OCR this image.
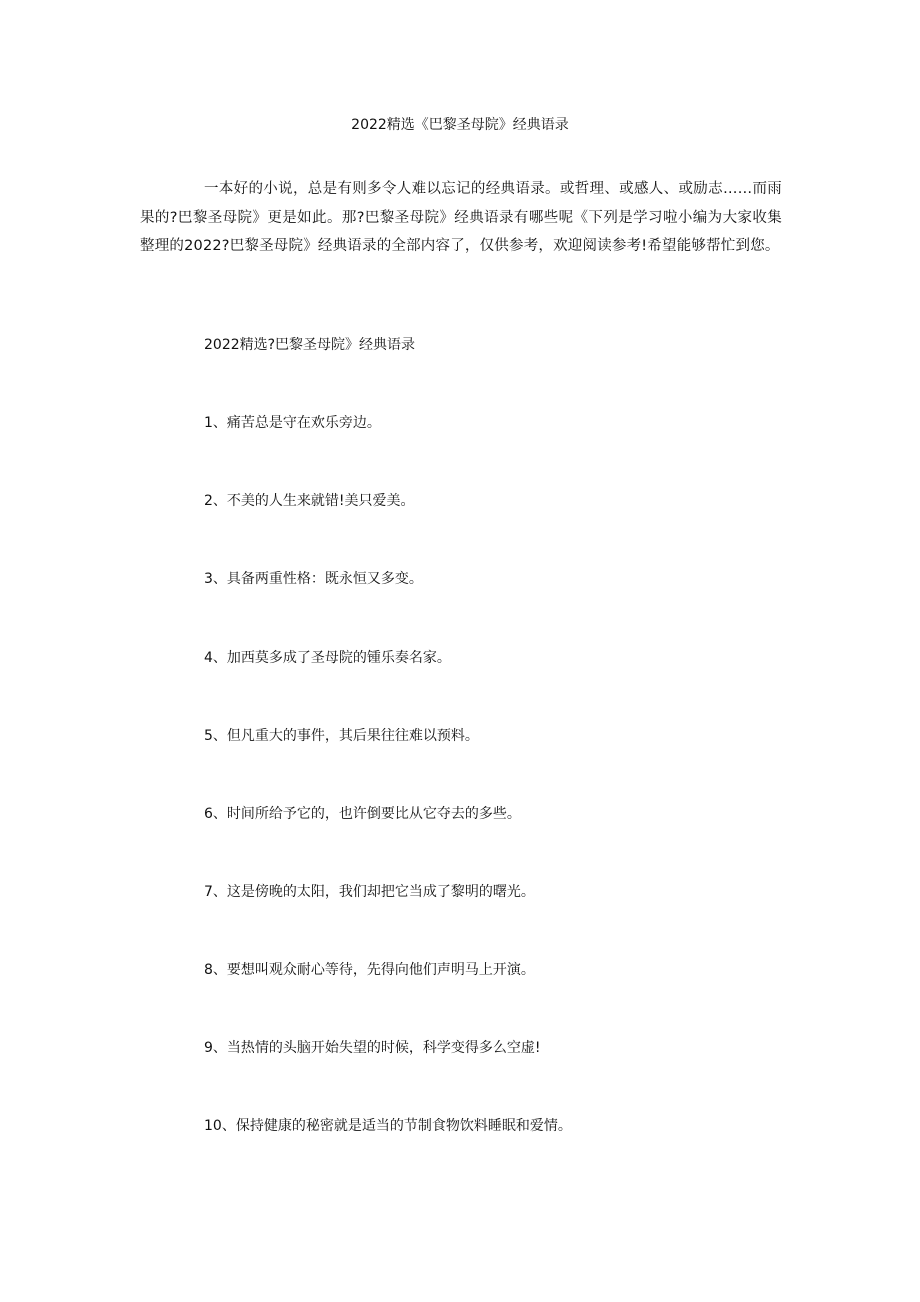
2022精选《巴黎圣母院》经典语录

一本好的小说，总是有则多令人难以忘记的经典语录。或哲理、或感人、或励志……而雨果的?巴黎圣母院》更是如此。那?巴黎圣母院》经典语录有哪些呢《下列是学习啦小编为大家收集整理的2022?巴黎圣母院》经典语录的全部内容了，仅供参考，欢迎阅读参考!希望能够帮忙到您。

2022精选?巴黎圣母院》经典语录

1、痛苦总是守在欢乐旁边。

2、不美的人生来就错!美只爱美。

3、具备两重性格：既永恒又多变。

4、加西莫多成了圣母院的锺乐奏名家。

5、但凡重大的事件，其后果往往难以预料。

6、时间所给予它的，也许倒要比从它夺去的多些。

7、这是傍晚的太阳，我们却把它当成了黎明的曙光。

8、要想叫观众耐心等待，先得向他们声明马上开演。

9、当热情的头脑开始失望的时候，科学变得多么空虚!

10、保持健康的秘密就是适当的节制食物饮料睡眠和爱情。
